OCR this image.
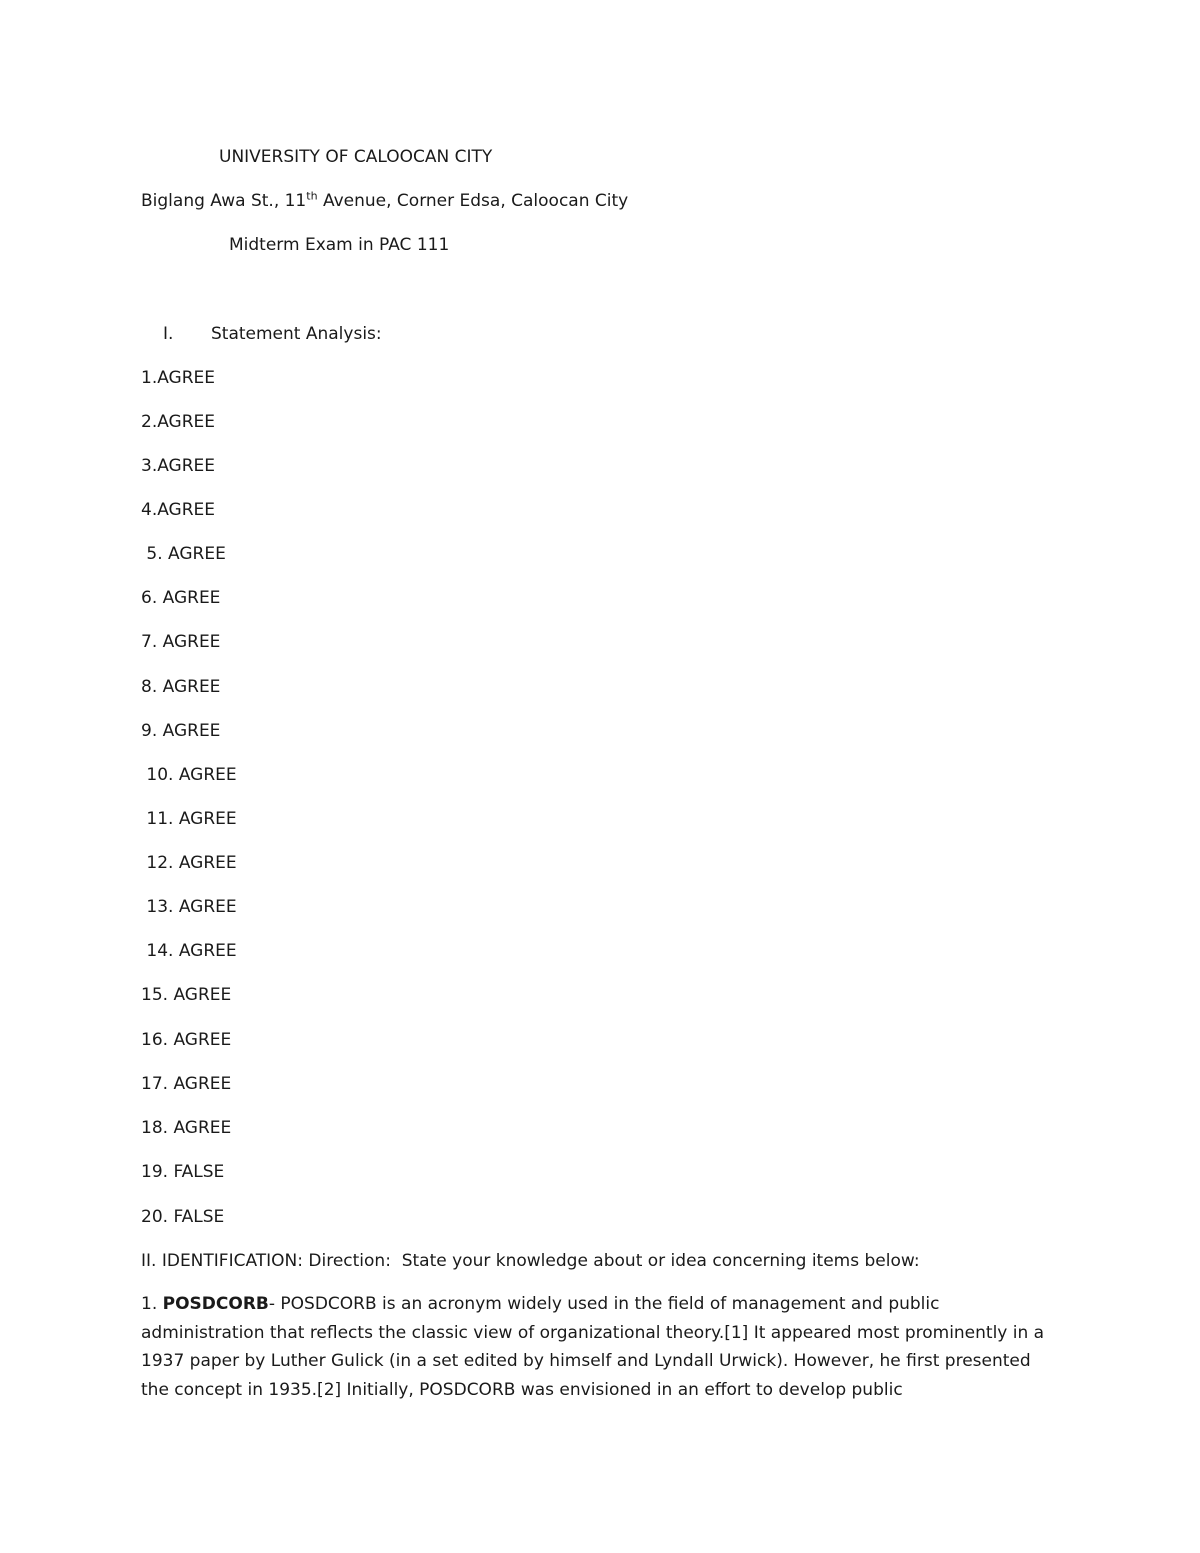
UNIVERSITY OF CALOOCAN CITY
Biglang Awa St., 11th Avenue, Corner Edsa, Caloocan City
Midterm Exam in PAC 111
I. Statement Analysis:
1.AGREE
2.AGREE
3.AGREE
4.AGREE
5. AGREE
6. AGREE
7. AGREE
8. AGREE
9. AGREE
10. AGREE
11. AGREE
12. AGREE
13. AGREE
14. AGREE
15. AGREE
16. AGREE
17. AGREE
18. AGREE
19. FALSE
20. FALSE
II. IDENTIFICATION: Direction:  State your knowledge about or idea concerning items below:
1. POSDCORB- POSDCORB is an acronym widely used in the field of management and public administration that reflects the classic view of organizational theory.[1] It appeared most prominently in a 1937 paper by Luther Gulick (in a set edited by himself and Lyndall Urwick). However, he first presented the concept in 1935.[2] Initially, POSDCORB was envisioned in an effort to develop public
